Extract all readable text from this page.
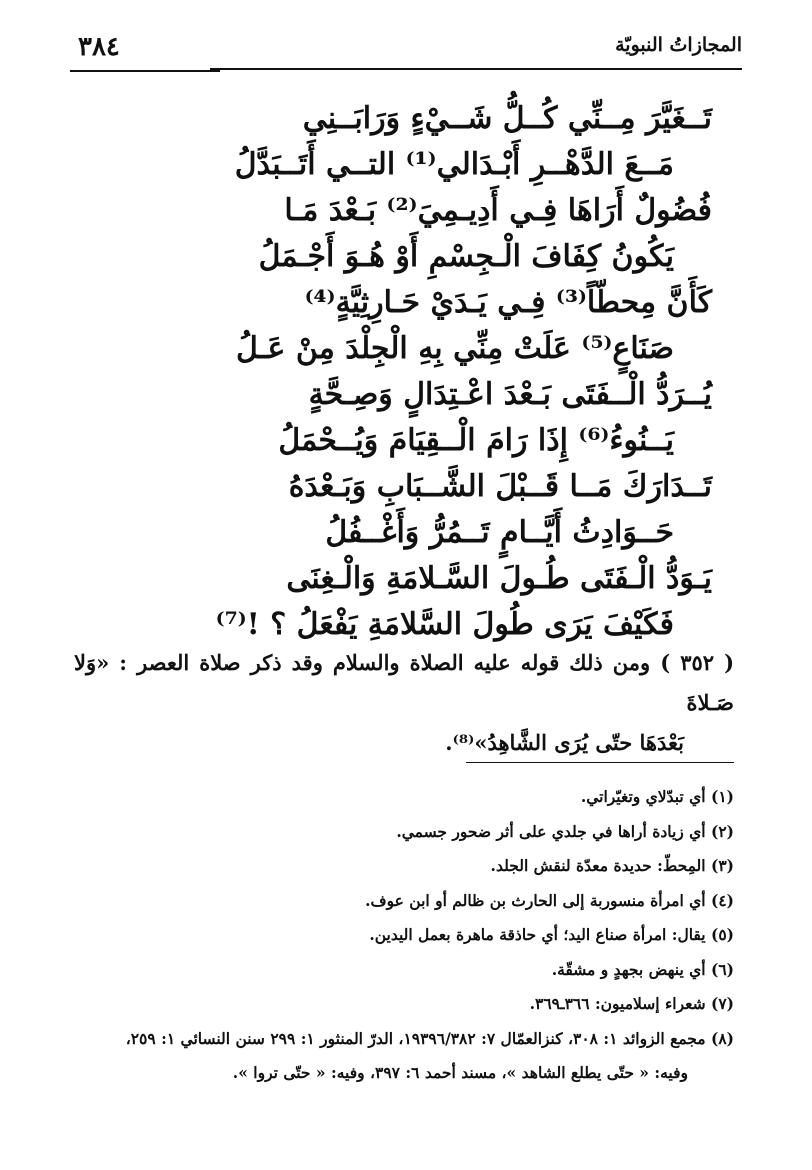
المجازاتُ النبويّة
٣٨٤
تَــغَيَّرَ مِــنِّي كُــلُّ شَــيْءٍ وَرَابَــنِي
مَــعَ الدَّهْــرِ أَبْـدَالي⁽¹⁾ التــي أَتَــبَدَّلُ
فُضُولٌ أَرَاهَا فِـي أَدِيـمِيَ⁽²⁾ بَـعْدَ مَـا
يَكُونُ كِفَافَ الْـجِسْمِ أَوْ هُـوَ أَجْـمَلُ
كَأَنَّ مِحطّاً⁽³⁾ فِـي يَـدَيْ حَـارِثِيَّةٍ⁽⁴⁾
صَنَاعٍ⁽⁵⁾ عَلَتْ مِنِّي بِهِ الْجِلْدَ مِنْ عَـلُ
يُــرَدُّ الْــفَتَى بَـعْدَ اعْـتِدَالٍ وَصِـحَّةٍ
يَــنُوءُ⁽⁶⁾ إِذَا رَامَ الْــقِيَامَ وَيُــحْمَلُ
تَــدَارَكَ مَــا قَــبْلَ الشَّــبَابِ وَبَـعْدَهُ
حَــوَادِثُ أَيَّــامٍ تَــمُرُّ وَأَغْــفُلُ
يَـوَدُّ الْـفَتَى طُـولَ السَّـلامَةِ وَالْـغِنَى
فَكَيْفَ يَرَى طُولَ السَّلامَةِ يَفْعَلُ ؟ !⁽⁷⁾
( ٣٥٢ ) ومن ذلك قوله عليه الصلاة والسلام وقد ذكر صلاة العصر : «وَلا صَـلاةَ
بَعْدَهَا حتّى يُرَى الشَّاهِدُ»⁽⁸⁾.
(١) أي تبدّلاي وتغيّراتي.
(٢) أي زيادة أراها في جلدي على أثر ضحور جسمي.
(٣) المِحطّ: حديدة معدّة لنقش الجلد.
(٤) أي امرأة منسوربة إلى الحارث بن ظالم أو ابن عوف.
(٥) يقال: امرأة صناع اليد؛ أي حاذقة ماهرة بعمل اليدين.
(٦) أي ينهض بجهدٍ و مشقّة.
(٧) شعراء إسلاميون: ٣٦٦ـ٣٦٩.
(٨) مجمع الزوائد ١: ٣٠٨، كنزالعمّال ٧: ١٩٣٩٦/٣٨٢، الدرّ المنثور ١: ٢٩٩ سنن النسائي ١: ٢٥٩،
وفيه: « حتّى يطلع الشاهد »، مسند أحمد ٦: ٣٩٧، وفيه: « حتّى تروا ».
